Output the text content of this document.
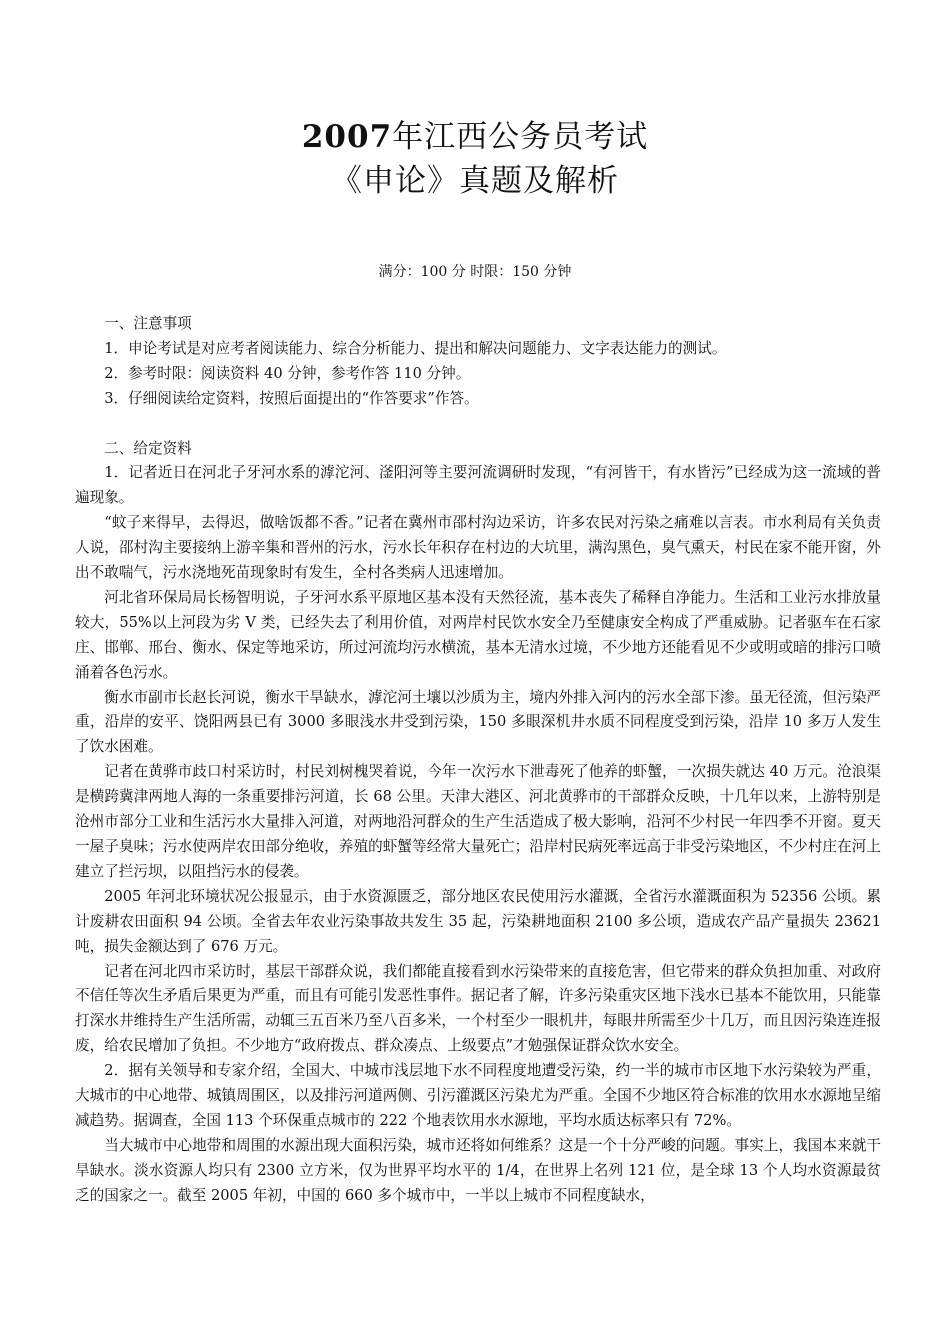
2007年江西公务员考试
《申论》真题及解析
满分：100 分 时限：150 分钟

一、注意事项

1．申论考试是对应考者阅读能力、综合分析能力、提出和解决问题能力、文字表达能力的测试。

2．参考时限：阅读资料 40 分钟，参考作答 110 分钟。

3．仔细阅读给定资料，按照后面提出的“作答要求”作答。

二、给定资料

1．记者近日在河北子牙河水系的滹沱河、滏阳河等主要河流调研时发现，“有河皆干，有水皆污”已经成为这一流域的普遍现象。

“蚊子来得早，去得迟，做啥饭都不香。”记者在冀州市邵村沟边采访，许多农民对污染之痛难以言表。市水利局有关负责人说，邵村沟主要接纳上游辛集和晋州的污水，污水长年积存在村边的大坑里，满沟黑色，臭气熏天，村民在家不能开窗，外出不敢喘气，污水浇地死苗现象时有发生，全村各类病人迅速增加。

河北省环保局局长杨智明说，子牙河水系平原地区基本没有天然径流，基本丧失了稀释自净能力。生活和工业污水排放量较大，55%以上河段为劣 V 类，已经失去了利用价值，对两岸村民饮水安全乃至健康安全构成了严重威胁。记者驱车在石家庄、邯郸、邢台、衡水、保定等地采访，所过河流均污水横流，基本无清水过境，不少地方还能看见不少或明或暗的排污口喷涌着各色污水。

衡水市副市长赵长河说，衡水干旱缺水，滹沱河土壤以沙质为主，境内外排入河内的污水全部下渗。虽无径流，但污染严重，沿岸的安平、饶阳两县已有 3000 多眼浅水井受到污染，150 多眼深机井水质不同程度受到污染，沿岸 10 多万人发生了饮水困难。

记者在黄骅市歧口村采访时，村民刘树槐哭着说，今年一次污水下泄毒死了他养的虾蟹，一次损失就达 40 万元。沧浪渠是横跨冀津两地人海的一条重要排污河道，长 68 公里。天津大港区、河北黄骅市的干部群众反映，十几年以来，上游特别是沧州市部分工业和生活污水大量排入河道，对两地沿河群众的生产生活造成了极大影响，沿河不少村民一年四季不开窗。夏天一屋子臭味；污水使两岸农田部分绝收，养殖的虾蟹等经常大量死亡；沿岸村民病死率远高于非受污染地区，不少村庄在河上建立了拦污坝，以阻挡污水的侵袭。

2005 年河北环境状况公报显示，由于水资源匮乏，部分地区农民使用污水灌溉，全省污水灌溉面积为 52356 公顷。累计废耕农田面积 94 公顷。全省去年农业污染事故共发生 35 起，污染耕地面积 2100 多公顷，造成农产品产量损失 23621 吨，损失金额达到了 676 万元。

记者在河北四市采访时，基层干部群众说，我们都能直接看到水污染带来的直接危害，但它带来的群众负担加重、对政府不信任等次生矛盾后果更为严重，而且有可能引发恶性事件。据记者了解，许多污染重灾区地下浅水已基本不能饮用，只能靠打深水井维持生产生活所需，动辄三五百米乃至八百多米，一个村至少一眼机井，每眼井所需至少十几万，而且因污染连连报废，给农民增加了负担。不少地方“政府拨点、群众凑点、上级要点”才勉强保证群众饮水安全。

2．据有关领导和专家介绍，全国大、中城市浅层地下水不同程度地遭受污染，约一半的城市市区地下水污染较为严重，大城市的中心地带、城镇周围区，以及排污河道两侧、引污灌溉区污染尤为严重。全国不少地区符合标准的饮用水水源地呈缩减趋势。据调查，全国 113 个环保重点城市的 222 个地表饮用水水源地，平均水质达标率只有 72%。

当大城市中心地带和周围的水源出现大面积污染，城市还将如何维系？这是一个十分严峻的问题。事实上，我国本来就干旱缺水。淡水资源人均只有 2300 立方米，仅为世界平均水平的 1/4，在世界上名列 121 位，是全球 13 个人均水资源最贫乏的国家之一。截至 2005 年初，中国的 660 多个城市中，一半以上城市不同程度缺水，
